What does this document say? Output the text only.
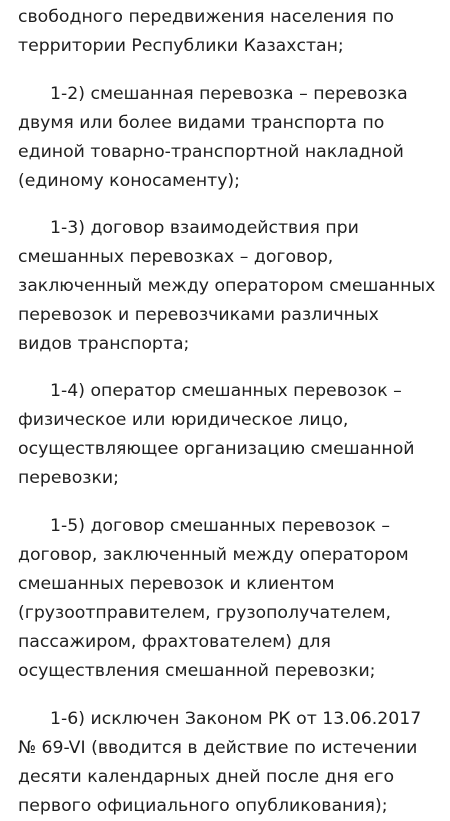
свободного передвижения населения по
территории Республики Казахстан;
1-2) смешанная перевозка – перевозка
двумя или более видами транспорта по
единой товарно-транспортной накладной
(единому коносаменту);
1-3) договор взаимодействия при
смешанных перевозках – договор,
заключенный между оператором смешанных
перевозок и перевозчиками различных
видов транспорта;
1-4) оператор смешанных перевозок –
физическое или юридическое лицо,
осуществляющее организацию смешанной
перевозки;
1-5) договор смешанных перевозок –
договор, заключенный между оператором
смешанных перевозок и клиентом
(грузоотправителем, грузополучателем,
пассажиром, фрахтователем) для
осуществления смешанной перевозки;
1-6) исключен Законом РК от 13.06.2017
№ 69-VI (вводится в действие по истечении
десяти календарных дней после дня его
первого официального опубликования);
